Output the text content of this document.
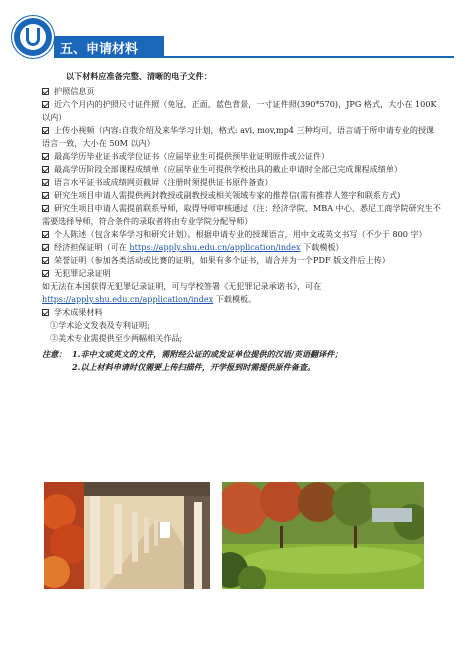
五、申请材料

以下材料应准备完整、清晰的电子文件：

护照信息页

近六个月内的护照尺寸证件照（免冠，正面，蓝色背景，一寸证件照(390*570)，JPG 格式，大小在 100K 以内）

上传小视频（内容:自我介绍及来华学习计划，格式: avi, mov,mp4 三种均可，语言请于所申请专业的授课语言一致，大小在 50M 以内）

最高学历毕业证书或学位证书（应届毕业生可提供预毕业证明原件或公证件）

最高学历阶段全部课程成绩单（应届毕业生可提供学校出具的截止申请时全部已完成课程成绩单）

语言水平证书或成绩网页截屏（注册时须提供证书原件备查）

研究生项目申请人需提供两封教授或副教授或相关领域专家的推荐信(需有推荐人签字和联系方式)

研究生项目申请人需提前联系导师，取得导师审核通过（注：经济学院、MBA 中心、悉尼工商学院研究生不需要选择导师，符合条件的录取者将由专业学院分配导师）

个人陈述（包含来华学习和研究计划）。根据申请专业的授课语言，用中文或英文书写（不少于 800 字）

经济担保证明（可在 https://apply.shu.edu.cn/application/index 下载模板）

荣誉证明（参加各类活动或比赛的证明，如果有多个证书，请合并为一个PDF 版文件后上传）

无犯罪记录证明

如无法在本国获得无犯罪记录证明，可与学校签署《无犯罪记录承诺书》，可在
https://apply.shu.edu.cn/application/index 下载模板。

学术成果材料

①学术论文发表及专利证明;

②美术专业需提供至少两幅相关作品;

注意： 1.非中文或英文的文件，需附经公证的或发证单位提供的汉语/英语翻译件；

2.以上材料申请时仅需要上传扫描件，开学报到时需提供原件备查。
